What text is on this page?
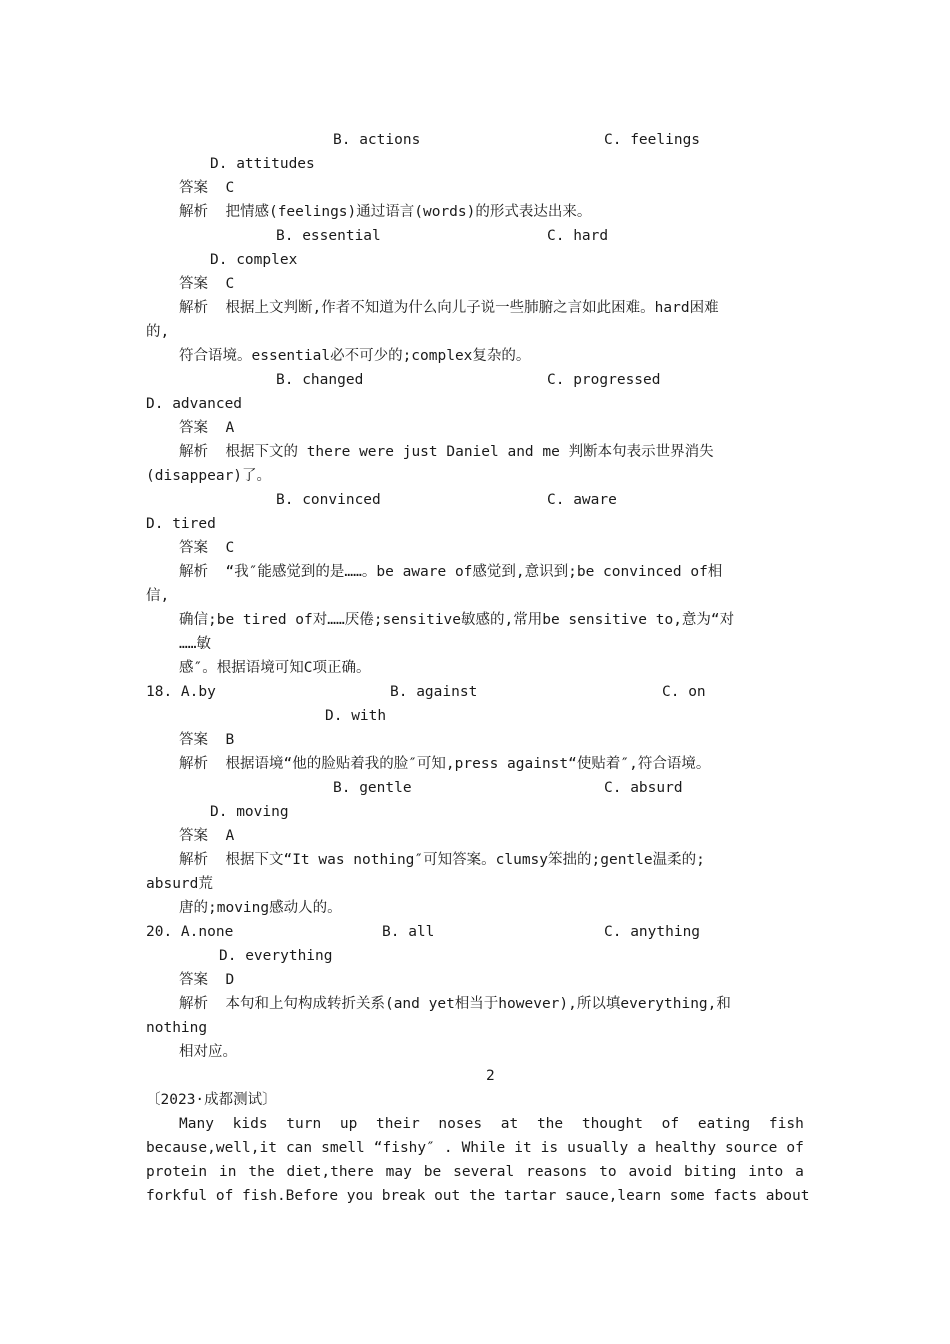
B. actions	C. feelings
D. attitudes
答案  C
解析  把情感(feelings)通过语言(words)的形式表达出来。
B. essential	C. hard
D. complex
答案  C
解析  根据上文判断,作者不知道为什么向儿子说一些肺腑之言如此困难。hard困难
的,
符合语境。essential必不可少的;complex复杂的。
B. changed	C. progressed
D. advanced
答案  A
解析  根据下文的 there were just Daniel and me 判断本句表示世界消失
(disappear)了。
B. convinced	C. aware
D. tired
答案  C
解析  “我″能感觉到的是……。be aware of感觉到,意识到;be convinced of相
信,
确信;be tired of对……厌倦;sensitive敏感的,常用be sensitive to,意为“对
……敏
感″。根据语境可知C项正确。
18. A.by	B. against	C. on
D. with
答案  B
解析  根据语境“他的脸贴着我的脸″可知,press against“使贴着″,符合语境。
B. gentle	C. absurd
D. moving
答案  A
解析  根据下文“It was nothing″可知答案。clumsy笨拙的;gentle温柔的;
absurd荒
唐的;moving感动人的。
20. A.none	B. all	C. anything
D. everything
答案  D
解析  本句和上句构成转折关系(and yet相当于however),所以填everything,和
nothing
相对应。
2
〔2023·成都测试〕
Many kids turn up their noses at the thought of eating fish
because,well,it can smell “fishy″ . While it is usually a healthy source of
protein in the diet,there may be several reasons to avoid biting into a
forkful of fish.Before you break out the tartar sauce,learn some facts about
